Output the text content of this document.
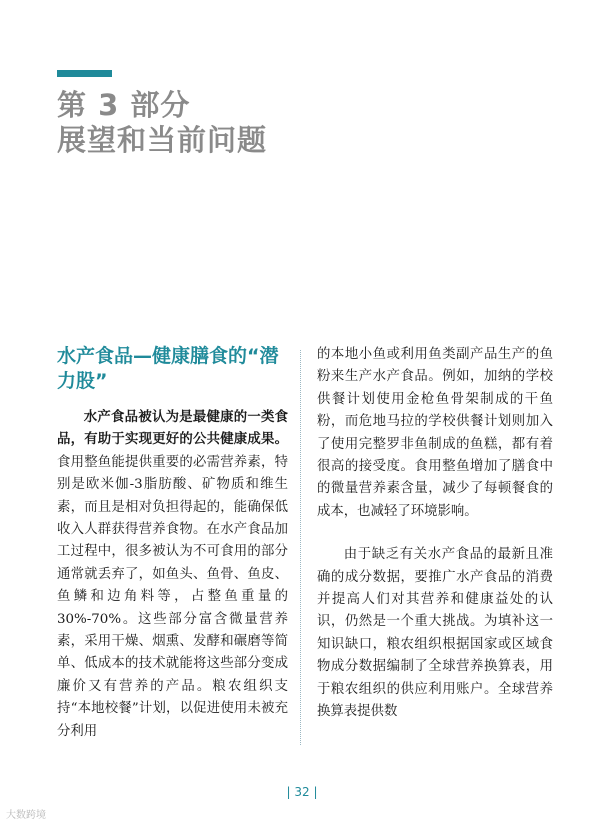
第 3 部分
展望和当前问题
水产食品—健康膳食的“潜力股”

水产食品被认为是最健康的一类食品，有助于实现更好的公共健康成果。食用整鱼能提供重要的必需营养素，特别是欧米伽-3脂肪酸、矿物质和维生素，而且是相对负担得起的，能确保低收入人群获得营养食物。在水产食品加工过程中，很多被认为不可食用的部分通常就丢弃了，如鱼头、鱼骨、鱼皮、鱼鳞和边角料等，占整鱼重量的30%-70%。这些部分富含微量营养素，采用干燥、烟熏、发酵和碾磨等简单、低成本的技术就能将这些部分变成廉价又有营养的产品。粮农组织支持“本地校餐”计划，以促进使用未被充分利用

的本地小鱼或利用鱼类副产品生产的鱼粉来生产水产食品。例如，加纳的学校供餐计划使用金枪鱼骨架制成的干鱼粉，而危地马拉的学校供餐计划则加入了使用完整罗非鱼制成的鱼糕，都有着很高的接受度。食用整鱼增加了膳食中的微量营养素含量，减少了每顿餐食的成本，也减轻了环境影响。

由于缺乏有关水产食品的最新且准确的成分数据，要推广水产食品的消费并提高人们对其营养和健康益处的认识，仍然是一个重大挑战。为填补这一知识缺口，粮农组织根据国家或区域食物成分数据编制了全球营养换算表，用于粮农组织的供应利用账户。全球营养换算表提供数

| 32 |
大数跨境
